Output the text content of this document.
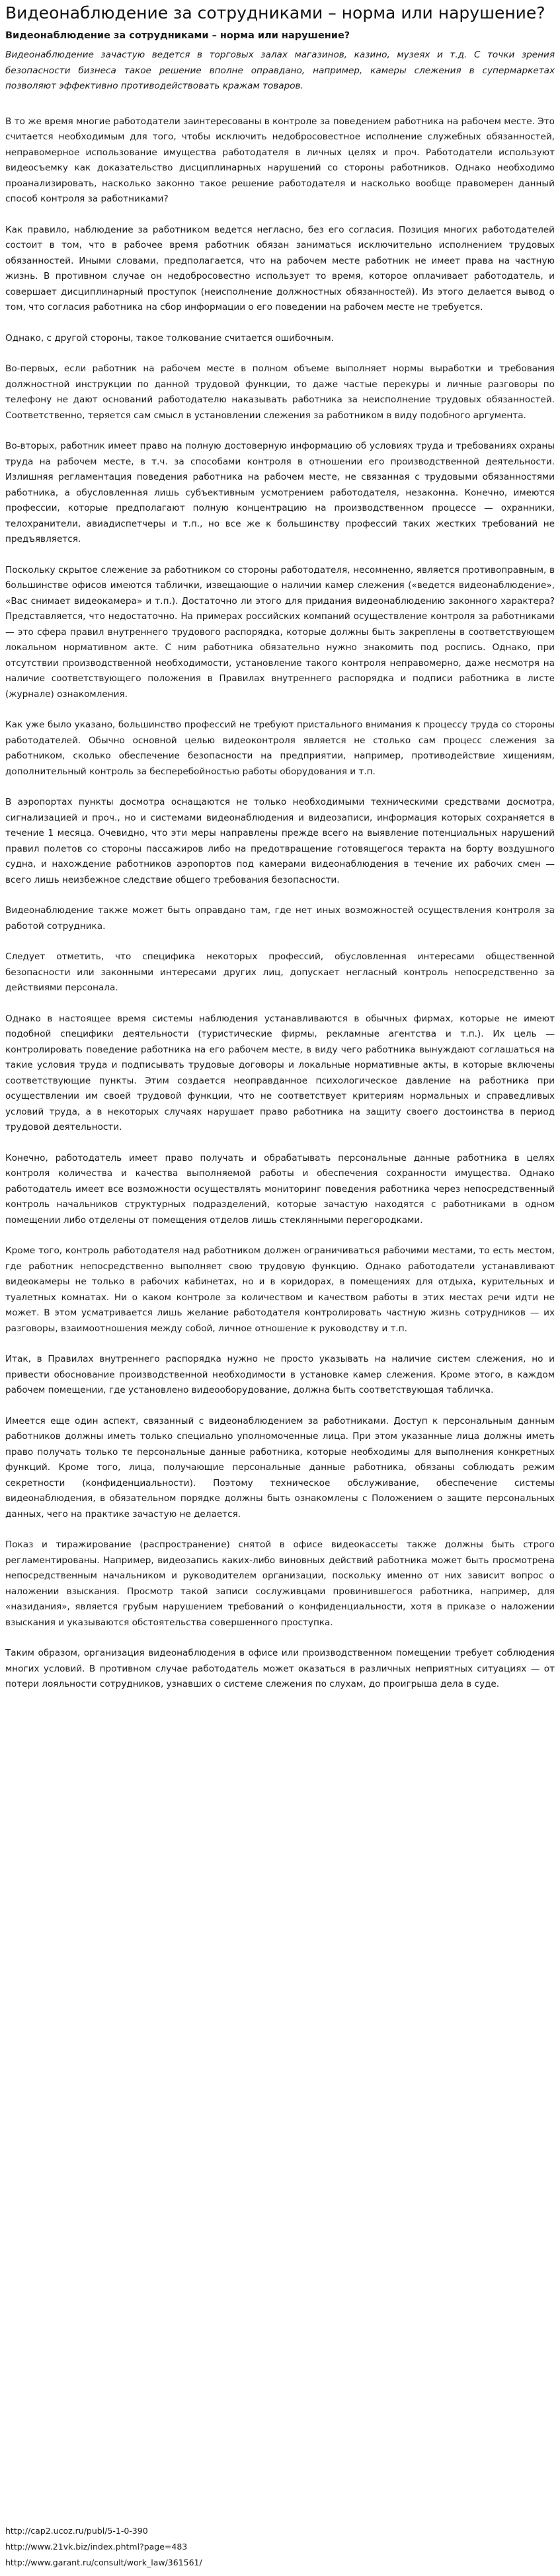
Видеонаблюдение за сотрудниками – норма или нарушение?
Видеонаблюдение за сотрудниками – норма или нарушение?

Видеонаблюдение зачастую ведется в торговых залах магазинов, казино, музеях и т.д. С точки зрения безопасности бизнеса такое решение вполне оправдано, например, камеры слежения в супермаркетах позволяют эффективно противодействовать кражам товаров.

В то же время многие работодатели заинтересованы в контроле за поведением работника на рабочем месте. Это считается необходимым для того, чтобы исключить недобросовестное исполнение служебных обязанностей, неправомерное использование имущества работодателя в личных целях и проч. Работодатели используют видеосъемку как доказательство дисциплинарных нарушений со стороны работников. Однако необходимо проанализировать, насколько законно такое решение работодателя и насколько вообще правомерен данный способ контроля за работниками?

Как правило, наблюдение за работником ведется негласно, без его согласия. Позиция многих работодателей состоит в том, что в рабочее время работник обязан заниматься исключительно исполнением трудовых обязанностей. Иными словами, предполагается, что на рабочем месте работник не имеет права на частную жизнь. В противном случае он недобросовестно использует то время, которое оплачивает работодатель, и совершает дисциплинарный проступок (неисполнение должностных обязанностей). Из этого делается вывод о том, что согласия работника на сбор информации о его поведении на рабочем месте не требуется.

Однако, с другой стороны, такое толкование считается ошибочным.

Во-первых, если работник на рабочем месте в полном объеме выполняет нормы выработки и требования должностной инструкции по данной трудовой функции, то даже частые перекуры и личные разговоры по телефону не дают оснований работодателю наказывать работника за неисполнение трудовых обязанностей. Соответственно, теряется сам смысл в установлении слежения за работником в виду подобного аргумента.

Во-вторых, работник имеет право на полную достоверную информацию об условиях труда и требованиях охраны труда на рабочем месте, в т.ч. за способами контроля в отношении его производственной деятельности. Излишняя регламентация поведения работника на рабочем месте, не связанная с трудовыми обязанностями работника, а обусловленная лишь субъективным усмотрением работодателя, незаконна. Конечно, имеются профессии, которые предполагают полную концентрацию на производственном процессе — охранники, телохранители, авиадиспетчеры и т.п., но все же к большинству профессий таких жестких требований не предъявляется.

Поскольку скрытое слежение за работником со стороны работодателя, несомненно, является противоправным, в большинстве офисов имеются таблички, извещающие о наличии камер слежения («ведется видеонаблюдение», «Вас снимает видеокамера» и т.п.). Достаточно ли этого для придания видеонаблюдению законного характера? Представляется, что недостаточно. На примерах российских компаний осуществление контроля за работниками — это сфера правил внутреннего трудового распорядка, которые должны быть закреплены в соответствующем локальном нормативном акте. С ним работника обязательно нужно знакомить под роспись. Однако, при отсутствии производственной необходимости, установление такого контроля неправомерно, даже несмотря на наличие соответствующего положения в Правилах внутреннего распорядка и подписи работника в листе (журнале) ознакомления.

Как уже было указано, большинство профессий не требуют пристального внимания к процессу труда со стороны работодателей. Обычно основной целью видеоконтроля является не столько сам процесс слежения за работником, сколько обеспечение безопасности на предприятии, например, противодействие хищениям, дополнительный контроль за бесперебойностью работы оборудования и т.п.

В аэропортах пункты досмотра оснащаются не только необходимыми техническими средствами досмотра, сигнализацией и проч., но и системами видеонаблюдения и видеозаписи, информация которых сохраняется в течение 1 месяца. Очевидно, что эти меры направлены прежде всего на выявление потенциальных нарушений правил полетов со стороны пассажиров либо на предотвращение готовящегося теракта на борту воздушного судна, и нахождение работников аэропортов под камерами видеонаблюдения в течение их рабочих смен — всего лишь неизбежное следствие общего требования безопасности.

Видеонаблюдение также может быть оправдано там, где нет иных возможностей осуществления контроля за работой сотрудника.

Следует отметить, что специфика некоторых профессий, обусловленная интересами общественной безопасности или законными интересами других лиц, допускает негласный контроль непосредственно за действиями персонала.

Однако в настоящее время системы наблюдения устанавливаются в обычных фирмах, которые не имеют подобной специфики деятельности (туристические фирмы, рекламные агентства и т.п.). Их цель — контролировать поведение работника на его рабочем месте, в виду чего работника вынуждают соглашаться на такие условия труда и подписывать трудовые договоры и локальные нормативные акты, в которые включены соответствующие пункты. Этим создается неоправданное психологическое давление на работника при осуществлении им своей трудовой функции, что не соответствует критериям нормальных и справедливых условий труда, а в некоторых случаях нарушает право работника на защиту своего достоинства в период трудовой деятельности.

Конечно, работодатель имеет право получать и обрабатывать персональные данные работника в целях контроля количества и качества выполняемой работы и обеспечения сохранности имущества. Однако работодатель имеет все возможности осуществлять мониторинг поведения работника через непосредственный контроль начальников структурных подразделений, которые зачастую находятся с работниками в одном помещении либо отделены от помещения отделов лишь стеклянными перегородками.

Кроме того, контроль работодателя над работником должен ограничиваться рабочими местами, то есть местом, где работник непосредственно выполняет свою трудовую функцию. Однако работодатели устанавливают видеокамеры не только в рабочих кабинетах, но и в коридорах, в помещениях для отдыха, курительных и туалетных комнатах. Ни о каком контроле за количеством и качеством работы в этих местах речи идти не может. В этом усматривается лишь желание работодателя контролировать частную жизнь сотрудников — их разговоры, взаимоотношения между собой, личное отношение к руководству и т.п.

Итак, в Правилах внутреннего распорядка нужно не просто указывать на наличие систем слежения, но и привести обоснование производственной необходимости в установке камер слежения. Кроме этого, в каждом рабочем помещении, где установлено видеооборудование, должна быть соответствующая табличка.

Имеется еще один аспект, связанный с видеонаблюдением за работниками. Доступ к персональным данным работников должны иметь только специально уполномоченные лица. При этом указанные лица должны иметь право получать только те персональные данные работника, которые необходимы для выполнения конкретных функций. Кроме того, лица, получающие персональные данные работника, обязаны соблюдать режим секретности (конфиденциальности). Поэтому техническое обслуживание, обеспечение системы видеонаблюдения, в обязательном порядке должны быть ознакомлены с Положением о защите персональных данных, чего на практике зачастую не делается.

Показ и тиражирование (распространение) снятой в офисе видеокассеты также должны быть строго регламентированы. Например, видеозапись каких-либо виновных действий работника может быть просмотрена непосредственным начальником и руководителем организации, поскольку именно от них зависит вопрос о наложении взыскания. Просмотр такой записи сослуживцами провинившегося работника, например, для «назидания», является грубым нарушением требований о конфиденциальности, хотя в приказе о наложении взыскания и указываются обстоятельства совершенного проступка.

Таким образом, организация видеонаблюдения в офисе или производственном помещении требует соблюдения многих условий. В противном случае работодатель может оказаться в различных неприятных ситуациях — от потери лояльности сотрудников, узнавших о системе слежения по слухам, до проигрыша дела в суде.

http://cap2.ucoz.ru/publ/5-1-0-390
http://www.21vk.biz/index.phtml?page=483
http://www.garant.ru/consult/work_law/361561/
